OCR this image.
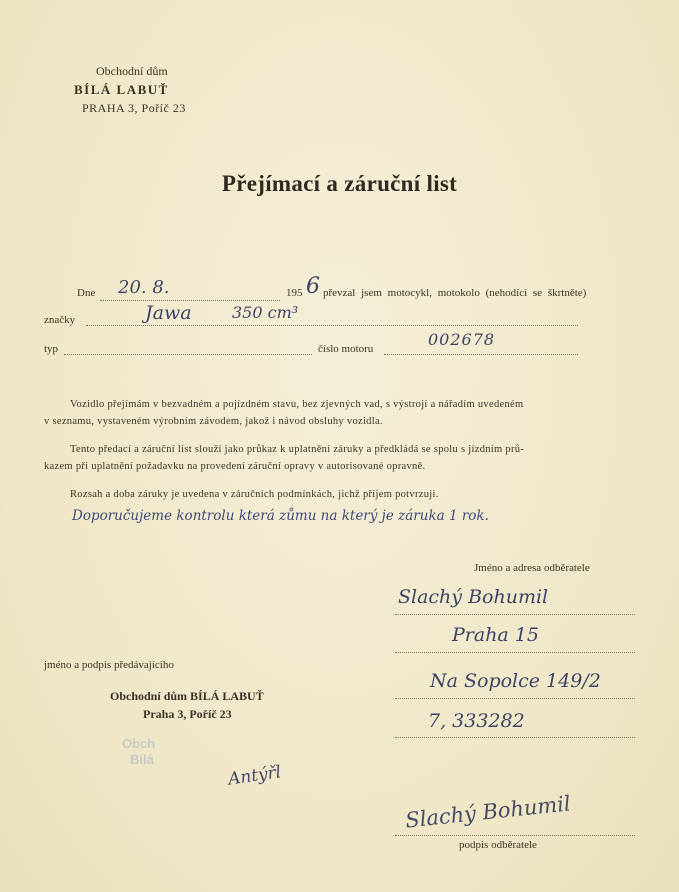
Obchodní dům
BÍLÁ LABUŤ
PRAHA 3, Poříč 23
Přejímací a záruční list
Dne 20. 8.	195 6 převzal jsem motocykl, motokolo (nehodící se škrtněte)
značky	Jawa	350 cm³
typ	číslo motoru	002678
Vozidlo přejímám v bezvadném a pojízdném stavu, bez zjevných vad, s výstrojí a nářadím uvedeném
v seznamu, vystaveném výrobním závodem, jakož i návod obsluhy vozidla.
Tento předací a záruční list slouží jako průkaz k uplatnění záruky a předkládá se spolu s jízdním prů-
kazem při uplatnění požadavku na provedení záruční opravy v autorisované opravně.
Rozsah a doba záruky je uvedena v záručních podmínkách, jichž příjem potvrzuji.
Doporučujeme kontrolu která zůmu na který je záruka 1 rok.
Jméno a adresa odběratele
Slachý Bohumil
Praha 15
Na Sopolce 149/2
7, 333282
jméno a podpis předávajícího
Obchodní dům BÍLÁ LABUŤ
Praha 3, Poříč 23
Obch
Bílá
Antýřl
Slachý Bohumil
podpis odběratele
